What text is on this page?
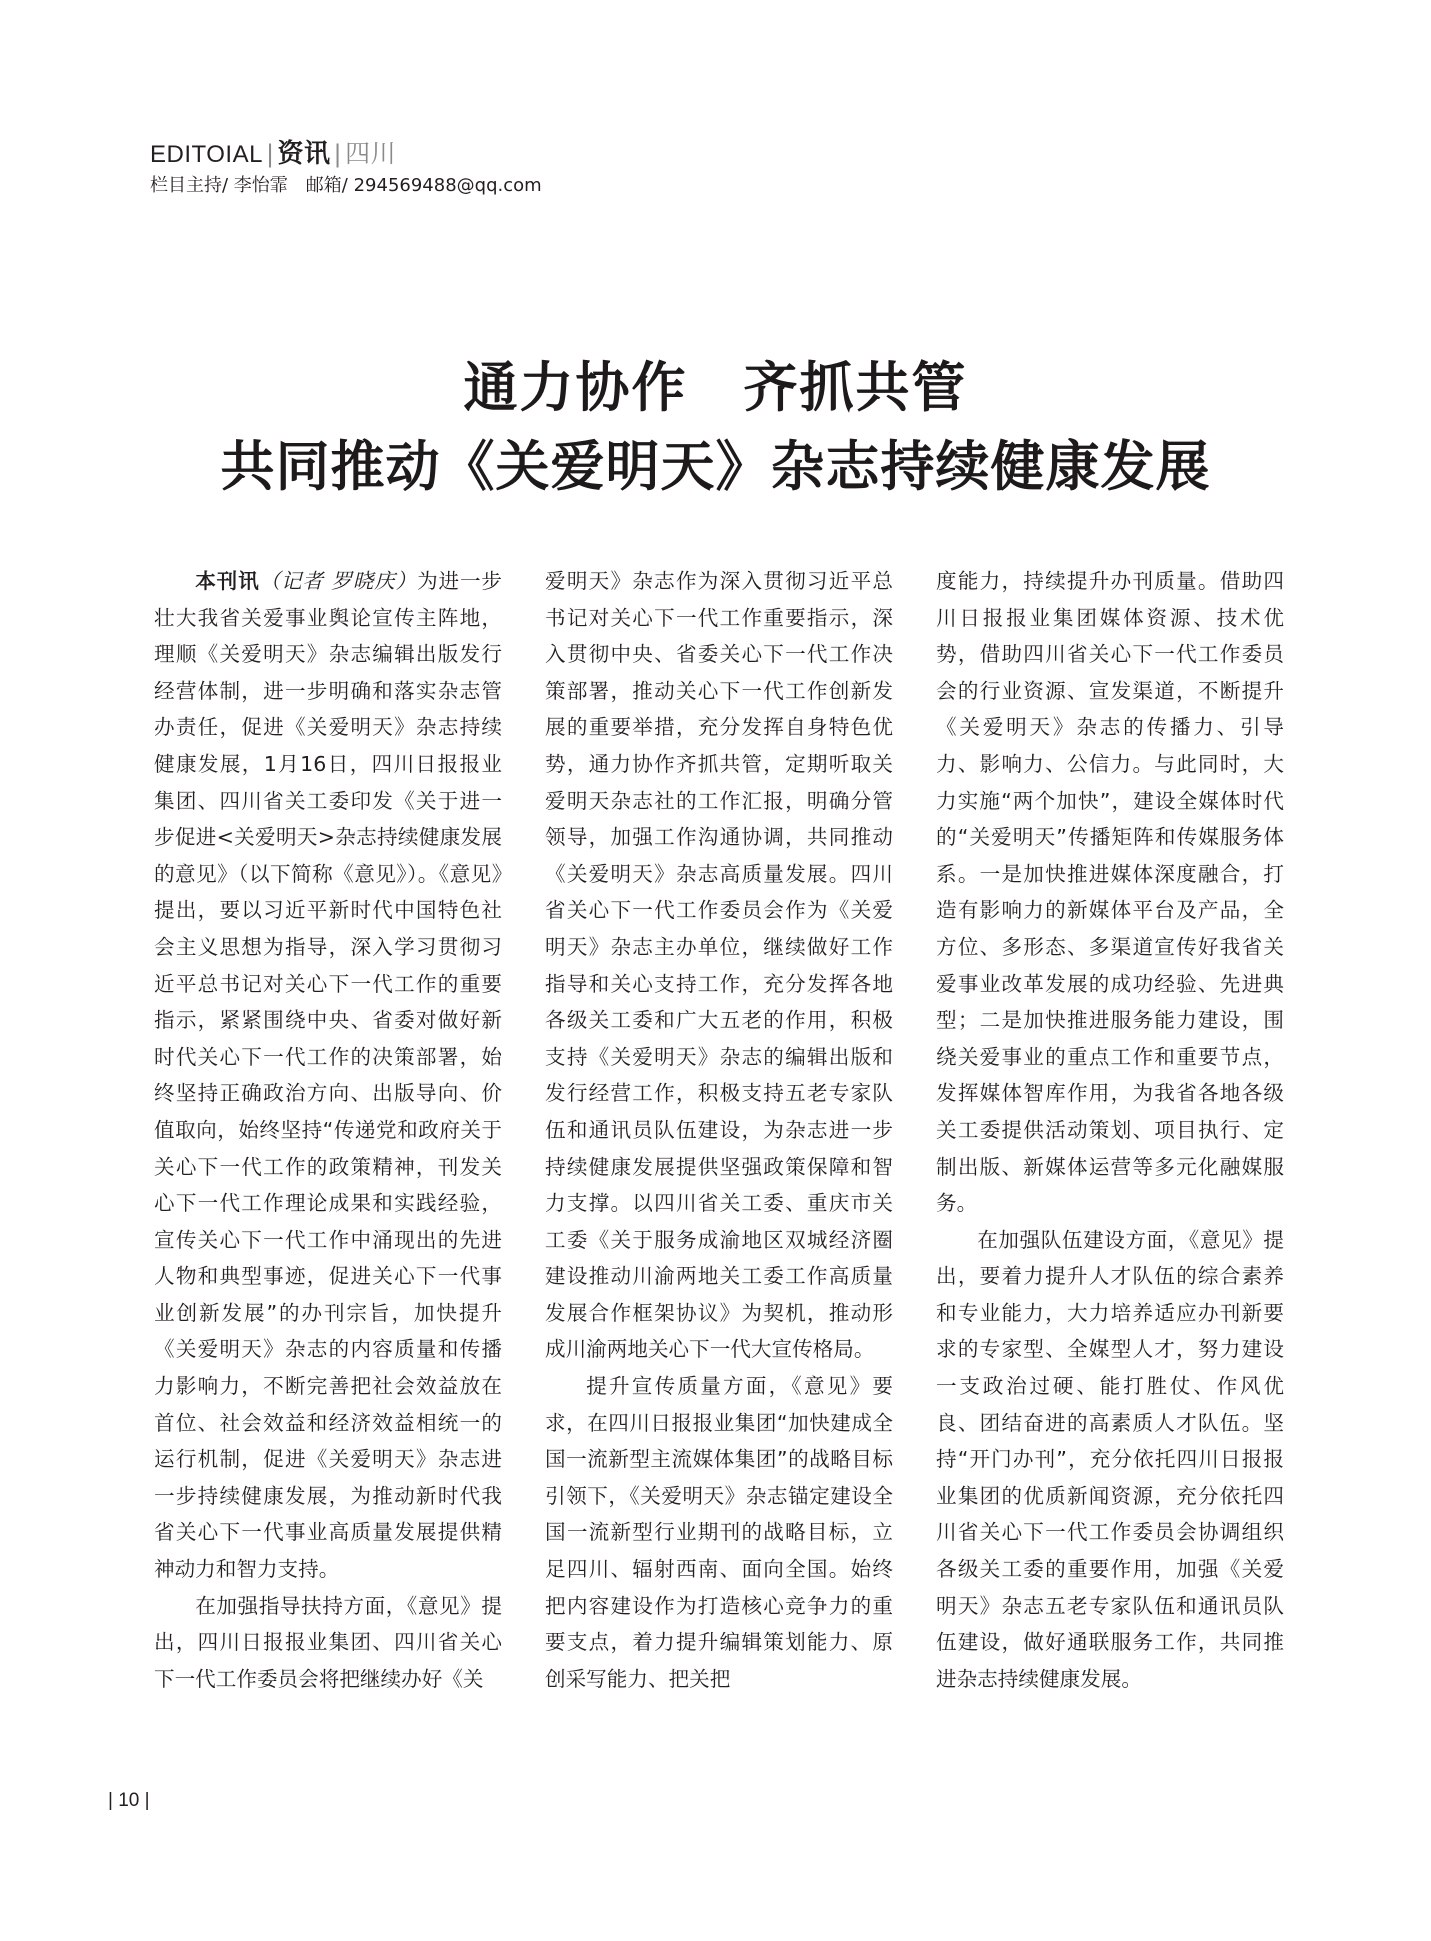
EDITOIAL | 资讯 | 四川
栏目主持/ 李怡霏 邮箱/ 294569488@qq.com
通力协作　齐抓共管
共同推动《关爱明天》杂志持续健康发展

本刊讯（记者 罗晓庆）为进一步壮大我省关爱事业舆论宣传主阵地，理顺《关爱明天》杂志编辑出版发行经营体制，进一步明确和落实杂志管办责任，促进《关爱明天》杂志持续健康发展，1月16日，四川日报报业集团、四川省关工委印发《关于进一步促进<关爱明天>杂志持续健康发展的意见》（以下简称《意见》）。《意见》提出，要以习近平新时代中国特色社会主义思想为指导，深入学习贯彻习近平总书记对关心下一代工作的重要指示，紧紧围绕中央、省委对做好新时代关心下一代工作的决策部署，始终坚持正确政治方向、出版导向、价值取向，始终坚持“传递党和政府关于关心下一代工作的政策精神，刊发关心下一代工作理论成果和实践经验，宣传关心下一代工作中涌现出的先进人物和典型事迹，促进关心下一代事业创新发展”的办刊宗旨，加快提升《关爱明天》杂志的内容质量和传播力影响力，不断完善把社会效益放在首位、社会效益和经济效益相统一的运行机制，促进《关爱明天》杂志进一步持续健康发展，为推动新时代我省关心下一代事业高质量发展提供精神动力和智力支持。

在加强指导扶持方面，《意见》提出，四川日报报业集团、四川省关心下一代工作委员会将把继续办好《关

爱明天》杂志作为深入贯彻习近平总书记对关心下一代工作重要指示，深入贯彻中央、省委关心下一代工作决策部署，推动关心下一代工作创新发展的重要举措，充分发挥自身特色优势，通力协作齐抓共管，定期听取关爱明天杂志社的工作汇报，明确分管领导，加强工作沟通协调，共同推动《关爱明天》杂志高质量发展。四川省关心下一代工作委员会作为《关爱明天》杂志主办单位，继续做好工作指导和关心支持工作，充分发挥各地各级关工委和广大五老的作用，积极支持《关爱明天》杂志的编辑出版和发行经营工作，积极支持五老专家队伍和通讯员队伍建设，为杂志进一步持续健康发展提供坚强政策保障和智力支撑。以四川省关工委、重庆市关工委《关于服务成渝地区双城经济圈建设推动川渝两地关工委工作高质量发展合作框架协议》为契机，推动形成川渝两地关心下一代大宣传格局。

提升宣传质量方面，《意见》要求，在四川日报报业集团“加快建成全国一流新型主流媒体集团”的战略目标引领下，《关爱明天》杂志锚定建设全国一流新型行业期刊的战略目标，立足四川、辐射西南、面向全国。始终把内容建设作为打造核心竞争力的重要支点，着力提升编辑策划能力、原创采写能力、把关把

度能力，持续提升办刊质量。借助四川日报报业集团媒体资源、技术优势，借助四川省关心下一代工作委员会的行业资源、宣发渠道，不断提升《关爱明天》杂志的传播力、引导力、影响力、公信力。与此同时，大力实施“两个加快”，建设全媒体时代的“关爱明天”传播矩阵和传媒服务体系。一是加快推进媒体深度融合，打造有影响力的新媒体平台及产品，全方位、多形态、多渠道宣传好我省关爱事业改革发展的成功经验、先进典型；二是加快推进服务能力建设，围绕关爱事业的重点工作和重要节点，发挥媒体智库作用，为我省各地各级关工委提供活动策划、项目执行、定制出版、新媒体运营等多元化融媒服务。

在加强队伍建设方面，《意见》提出，要着力提升人才队伍的综合素养和专业能力，大力培养适应办刊新要求的专家型、全媒型人才，努力建设一支政治过硬、能打胜仗、作风优良、团结奋进的高素质人才队伍。坚持“开门办刊”，充分依托四川日报报业集团的优质新闻资源，充分依托四川省关心下一代工作委员会协调组织各级关工委的重要作用，加强《关爱明天》杂志五老专家队伍和通讯员队伍建设，做好通联服务工作，共同推进杂志持续健康发展。

| 10 |
